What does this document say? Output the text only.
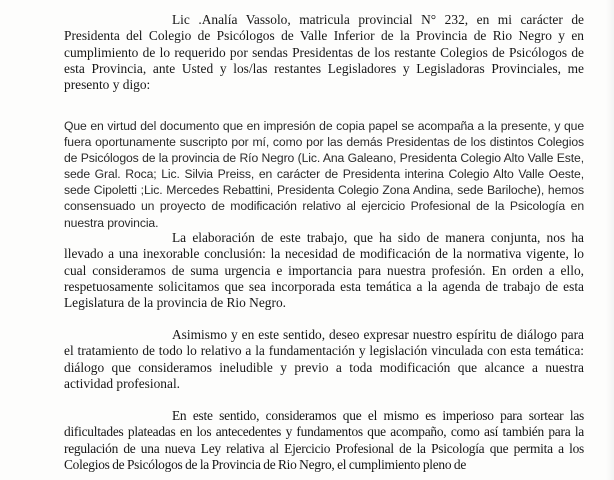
Lic .Analía Vassolo, matricula provincial N° 232, en mi carácter de Presidenta del Colegio de Psicólogos de Valle Inferior de la Provincia de Rio Negro y en cumplimiento de lo requerido por sendas Presidentas de los restante Colegios de Psicólogos de esta Provincia, ante Usted y los/las restantes Legisladores y Legisladoras Provinciales, me presento y digo:

Que en virtud del documento que en impresión de copia papel se acompaña a la presente, y que fuera oportunamente suscripto por mí, como por las demás Presidentas de los distintos Colegios de Psicólogos de la provincia de Río Negro (Lic. Ana Galeano, Presidenta Colegio Alto Valle Este, sede Gral. Roca; Lic. Silvia Preiss, en carácter de Presidenta interina Colegio Alto Valle Oeste, sede Cipoletti ;Lic. Mercedes Rebattini, Presidenta Colegio Zona Andina, sede Bariloche), hemos consensuado un proyecto de modificación relativo al ejercicio Profesional de la Psicología en nuestra provincia.

La elaboración de este trabajo, que ha sido de manera conjunta, nos ha llevado a una inexorable conclusión: la necesidad de modificación de la normativa vigente, lo cual consideramos de suma urgencia e importancia para nuestra profesión. En orden a ello, respetuosamente solicitamos que sea incorporada esta temática a la agenda de trabajo de esta Legislatura de la provincia de Rio Negro.

Asimismo y en este sentido, deseo expresar nuestro espíritu de diálogo para el tratamiento de todo lo relativo a la fundamentación y legislación vinculada con esta temática: diálogo que consideramos ineludible y previo a toda modificación que alcance a nuestra actividad profesional.

En este sentido, consideramos que el mismo es imperioso para sortear las dificultades plateadas en los antecedentes y fundamentos que acompaño, como así también para la regulación de una nueva Ley relativa al Ejercicio Profesional de la Psicología que permita a los Colegios de Psicólogos de la Provincia de Rio Negro, el cumplimiento pleno de
